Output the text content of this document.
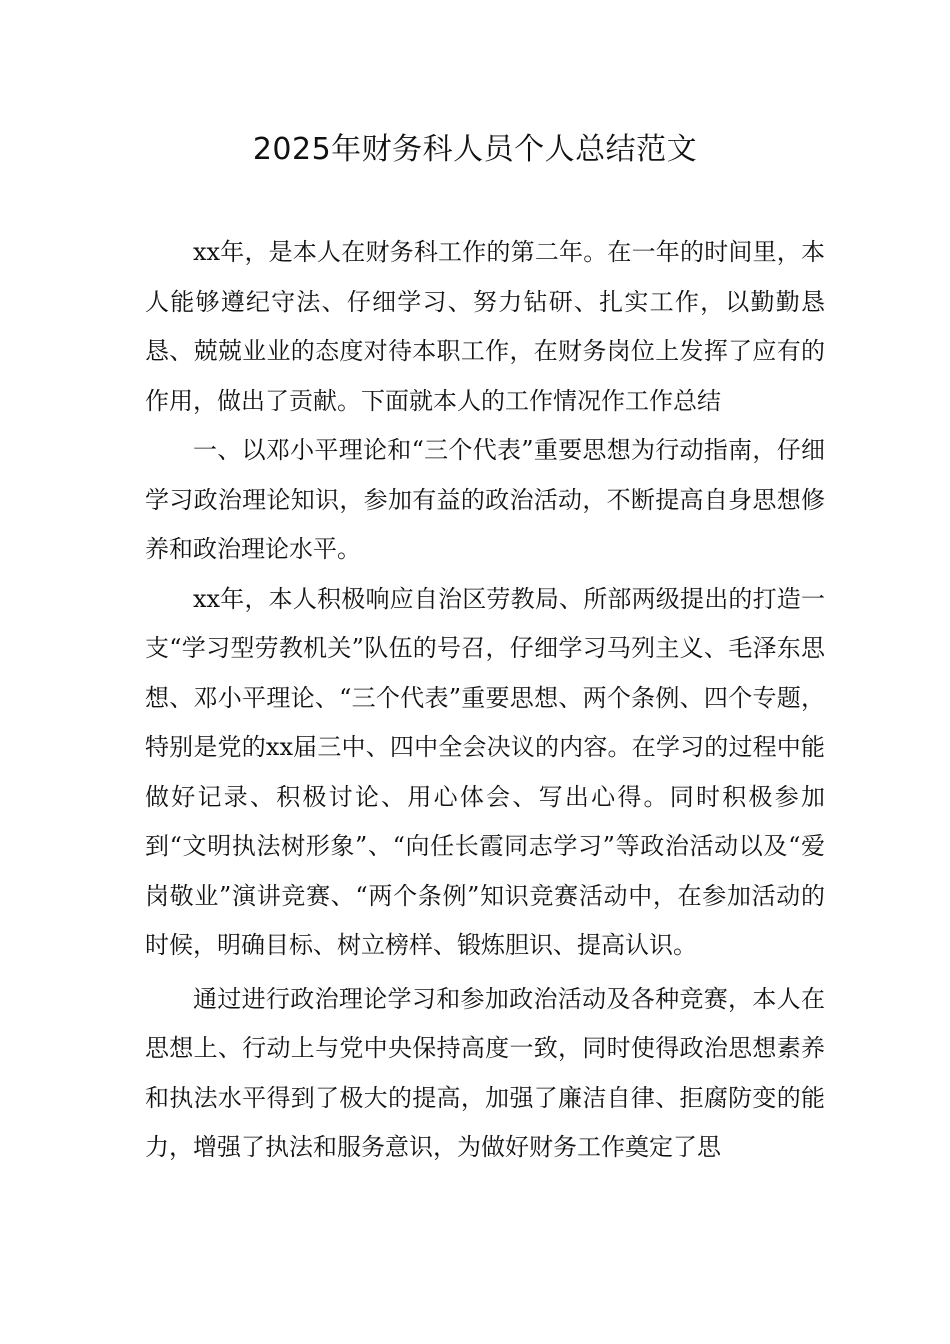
2025年财务科人员个人总结范文

xx年，是本人在财务科工作的第二年。在一年的时间里，本人能够遵纪守法、仔细学习、努力钻研、扎实工作，以勤勤恳恳、兢兢业业的态度对待本职工作，在财务岗位上发挥了应有的作用，做出了贡献。下面就本人的工作情况作工作总结

一、以邓小平理论和“三个代表”重要思想为行动指南，仔细学习政治理论知识，参加有益的政治活动，不断提高自身思想修养和政治理论水平。

xx年，本人积极响应自治区劳教局、所部两级提出的打造一支“学习型劳教机关”队伍的号召，仔细学习马列主义、毛泽东思想、邓小平理论、“三个代表”重要思想、两个条例、四个专题，特别是党的xx届三中、四中全会决议的内容。在学习的过程中能做好记录、积极讨论、用心体会、写出心得。同时积极参加到“文明执法树形象”、“向任长霞同志学习”等政治活动以及“爱岗敬业”演讲竞赛、“两个条例”知识竞赛活动中，在参加活动的时候，明确目标、树立榜样、锻炼胆识、提高认识。

通过进行政治理论学习和参加政治活动及各种竞赛，本人在思想上、行动上与党中央保持高度一致，同时使得政治思想素养和执法水平得到了极大的提高，加强了廉洁自律、拒腐防变的能力，增强了执法和服务意识，为做好财务工作奠定了思
